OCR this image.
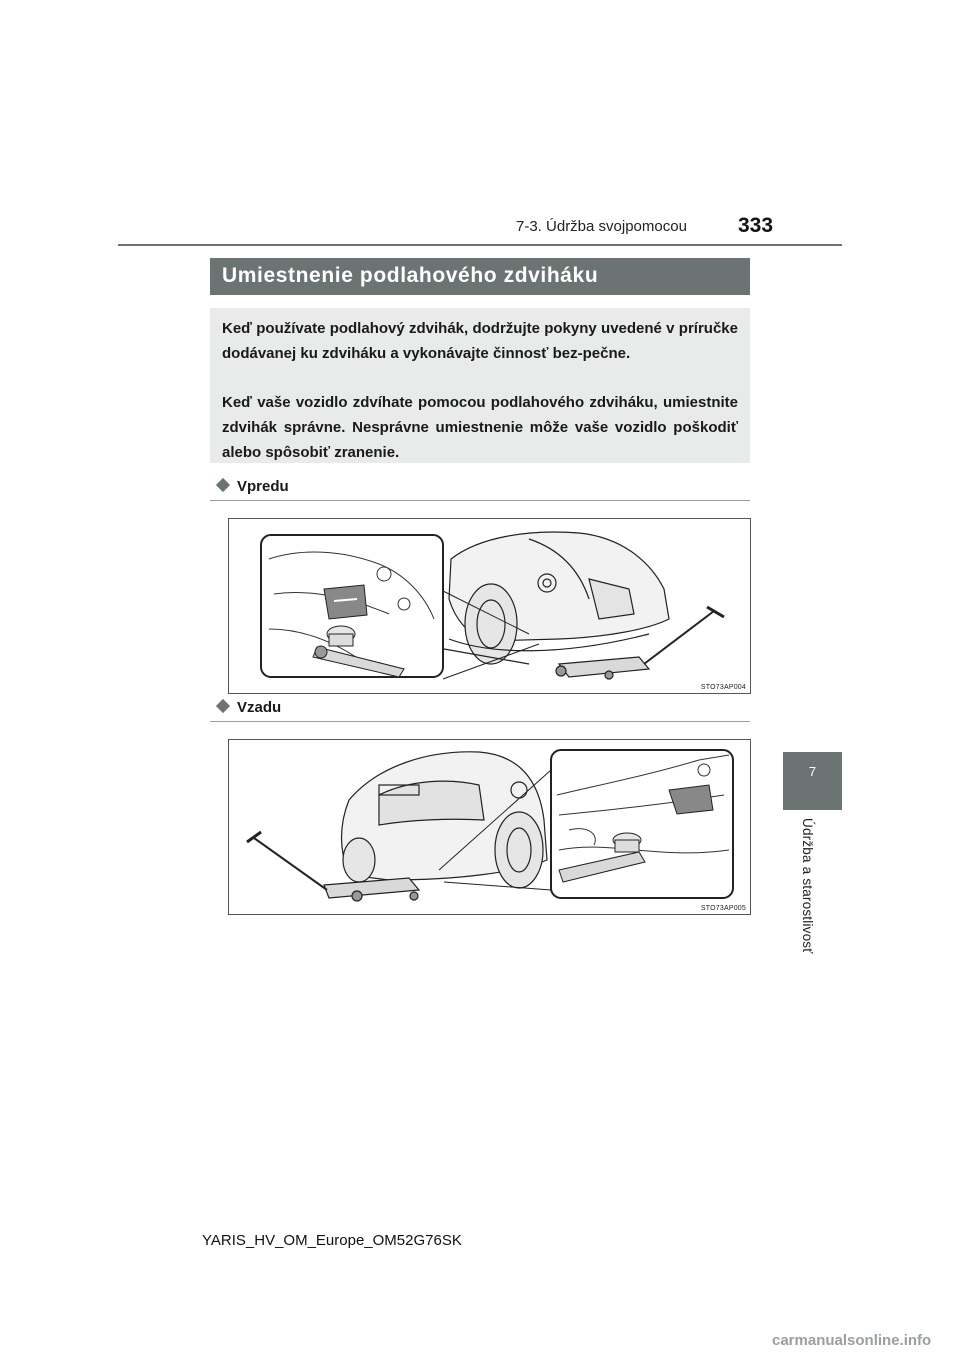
7-3. Údržba svojpomocou 333
7
Údržba a starostlivosť
Umiestnenie podlahového zdviháku

Keď používate podlahový zdvihák, dodržujte pokyny uvedené v príručke dodávanej ku zdviháku a vykonávajte činnosť bez-pečne.

Keď vaše vozidlo zdvíhate pomocou podlahového zdviháku, umiestnite zdvihák správne. Nesprávne umiestnenie môže vaše vozidlo poškodiť alebo spôsobiť zranenie.

Vpredu
STO73AP004
Vzadu
STO73AP005
YARIS_HV_OM_Europe_OM52G76SK
carmanualsonline.info
